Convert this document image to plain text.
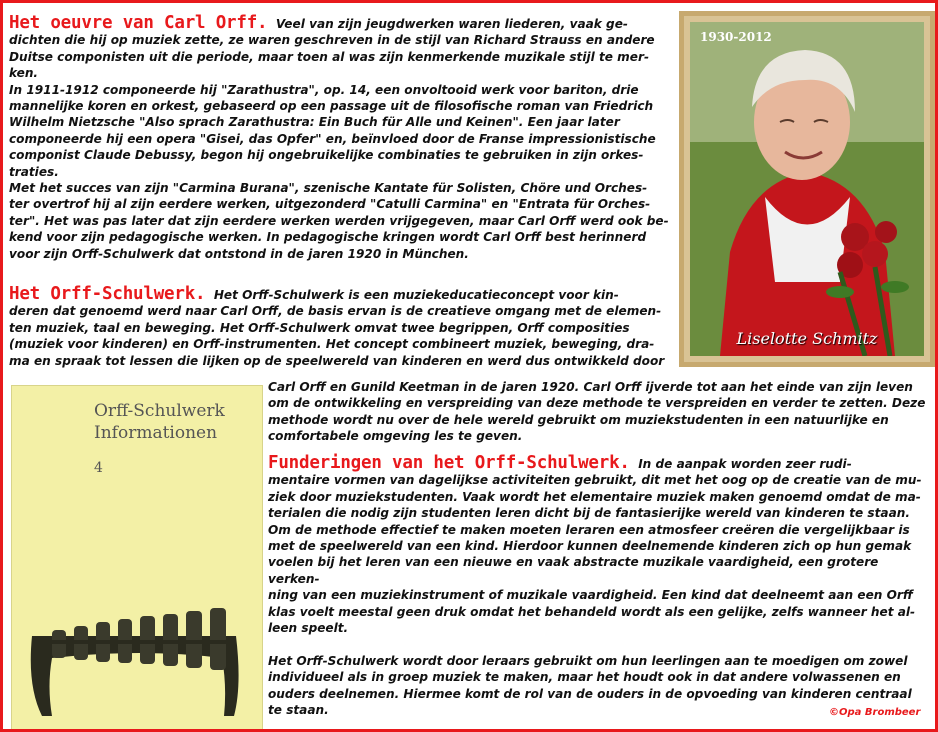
Het oeuvre van Carl Orff. Veel van zijn jeugdwerken waren liederen, vaak ge-
dichten die hij op muziek zette, ze waren geschreven in de stijl van Richard Strauss en andere
Duitse componisten uit die periode, maar toen al was zijn kenmerkende muzikale stijl te mer-
ken.
In 1911-1912 componeerde hij "Zarathustra", op. 14, een onvoltooid werk voor bariton, drie
mannelijke koren en orkest, gebaseerd op een passage uit de filosofische roman van Friedrich
Wilhelm Nietzsche "Also sprach Zarathustra: Ein Buch für Alle und Keinen". Een jaar later
componeerde hij een opera "Gisei, das Opfer" en, beïnvloed door de Franse impressionistische
componist Claude Debussy, begon hij ongebruikelijke combinaties te gebruiken in zijn orkes-
traties.
Met het succes van zijn "Carmina Burana", szenische Kantate für Solisten, Chöre und Orches-
ter overtrof hij al zijn eerdere werken, uitgezonderd "Catulli Carmina" en "Entrata für Orches-
ter". Het was pas later dat zijn eerdere werken werden vrijgegeven, maar Carl Orff werd ook be-
kend voor zijn pedagogische werken. In pedagogische kringen wordt Carl Orff best herinnerd
voor zijn Orff-Schulwerk dat ontstond in de jaren 1920 in München.
Het Orff-Schulwerk. Het Orff-Schulwerk is een muziekeducatieconcept voor kin-
deren dat genoemd werd naar Carl Orff, de basis ervan is de creatieve omgang met de elemen-
ten muziek, taal en beweging. Het Orff-Schulwerk omvat twee begrippen, Orff composities
(muziek voor kinderen) en Orff-instrumenten. Het concept combineert muziek, beweging, dra-
ma en spraak tot lessen die lijken op de speelwereld van kinderen en werd dus ontwikkeld door
Carl Orff en Gunild Keetman in de jaren 1920. Carl Orff ijverde tot aan het einde van zijn leven
om de ontwikkeling en verspreiding van deze methode te verspreiden en verder te zetten. Deze
methode wordt nu over de hele wereld gebruikt om muziekstudenten in een natuurlijke en
comfortabele omgeving les te geven.
Funderingen van het Orff-Schulwerk. In de aanpak worden zeer rudi-
mentaire vormen van dagelijkse activiteiten gebruikt, dit met het oog op de creatie van de mu-
ziek door muziekstudenten. Vaak wordt het elementaire muziek maken genoemd omdat de ma-
terialen die nodig zijn studenten leren dicht bij de fantasierijke wereld van kinderen te staan.
Om de methode effectief te maken moeten leraren een atmosfeer creëren die vergelijkbaar is
met de speelwereld van een kind. Hierdoor kunnen deelnemende kinderen zich op hun gemak
voelen bij het leren van een nieuwe en vaak abstracte muzikale vaardigheid, een grotere verken-
ning van een muziekinstrument of muzikale vaardigheid. Een kind dat deelneemt aan een Orff
klas voelt meestal geen druk omdat het behandeld wordt als een gelijke, zelfs wanneer het al-
leen speelt.
Het Orff-Schulwerk wordt door leraars gebruikt om hun leerlingen aan te moedigen om zowel
individueel als in groep muziek te maken, maar het houdt ook in dat andere volwassenen en
ouders deelnemen. Hiermee komt de rol van de ouders in de opvoeding van kinderen centraal
te staan.
1930-2012
Liselotte Schmitz
Orff-Schulwerk
Informationen
4
©Opa Brombeer
